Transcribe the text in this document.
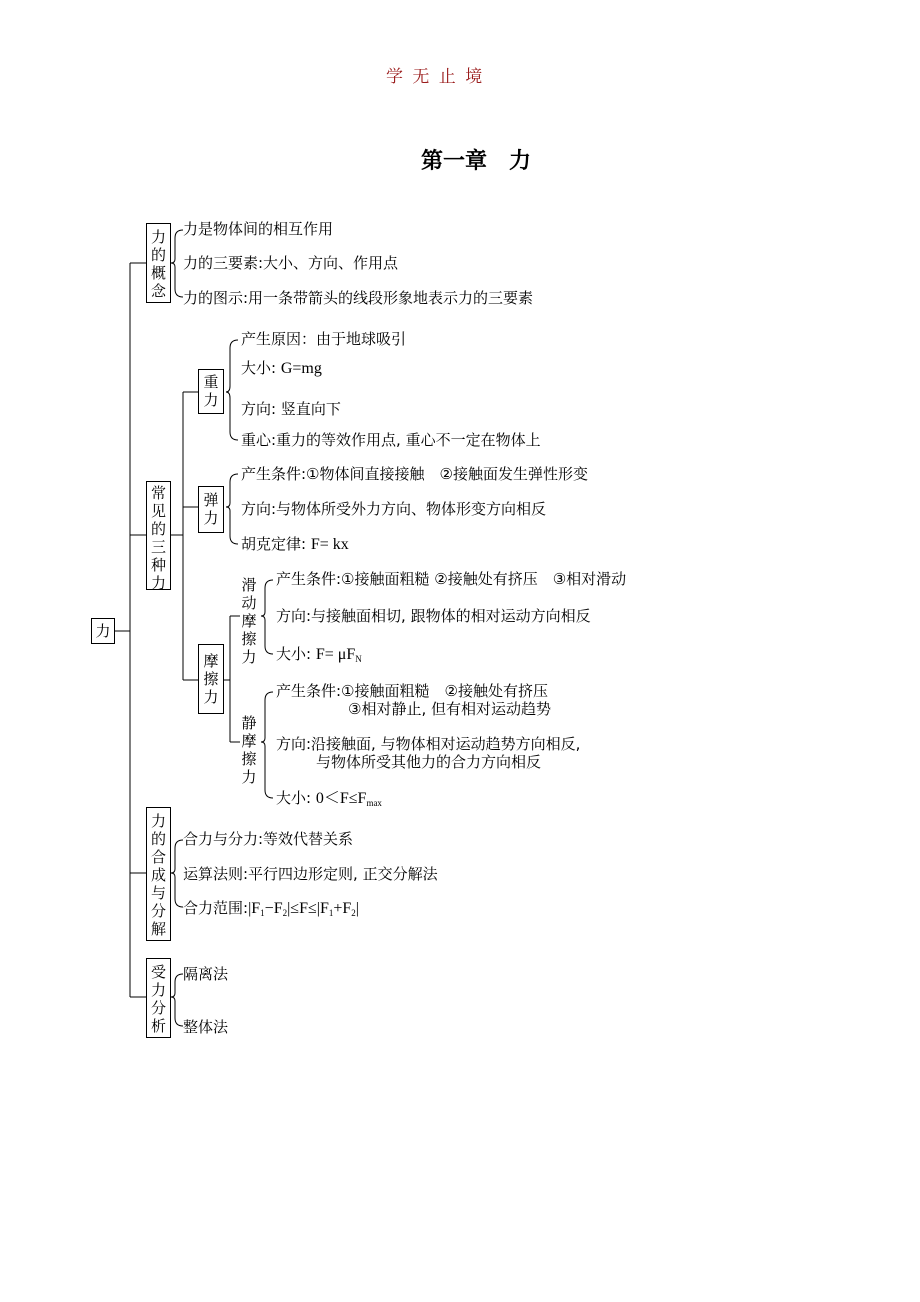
学 无 止 境
第一章　力
力
力
的
概
念
力是物体间的相互作用
力的三要素:大小、方向、作用点
力的图示:用一条带箭头的线段形象地表示力的三要素
常
见
的
三
种
力
重
力
产生原因：由于地球吸引
大小: G=mg
方向: 竖直向下
重心:重力的等效作用点, 重心不一定在物体上
弹
力
产生条件:①物体间直接接触　②接触面发生弹性形变
方向:与物体所受外力方向、物体形变方向相反
胡克定律: F= kx
摩
擦
力
滑
动
摩
擦
力
产生条件:①接触面粗糙 ②接触处有挤压　③相对滑动
方向:与接触面相切, 跟物体的相对运动方向相反
大小: $F= \mu F_N$
静
摩
擦
力
产生条件:①接触面粗糙　②接触处有挤压
③相对静止, 但有相对运动趋势
方向:沿接触面, 与物体相对运动趋势方向相反,
与物体所受其他力的合力方向相反
大小: $0<F\le F_{max}$
力
的
合
成
与
分
解
合力与分力:等效代替关系
运算法则:平行四边形定则, 正交分解法
合力范围$:|F_1-F_2|\le F\le|F_1+F_2|$
受
力
分
析
隔离法
整体法
